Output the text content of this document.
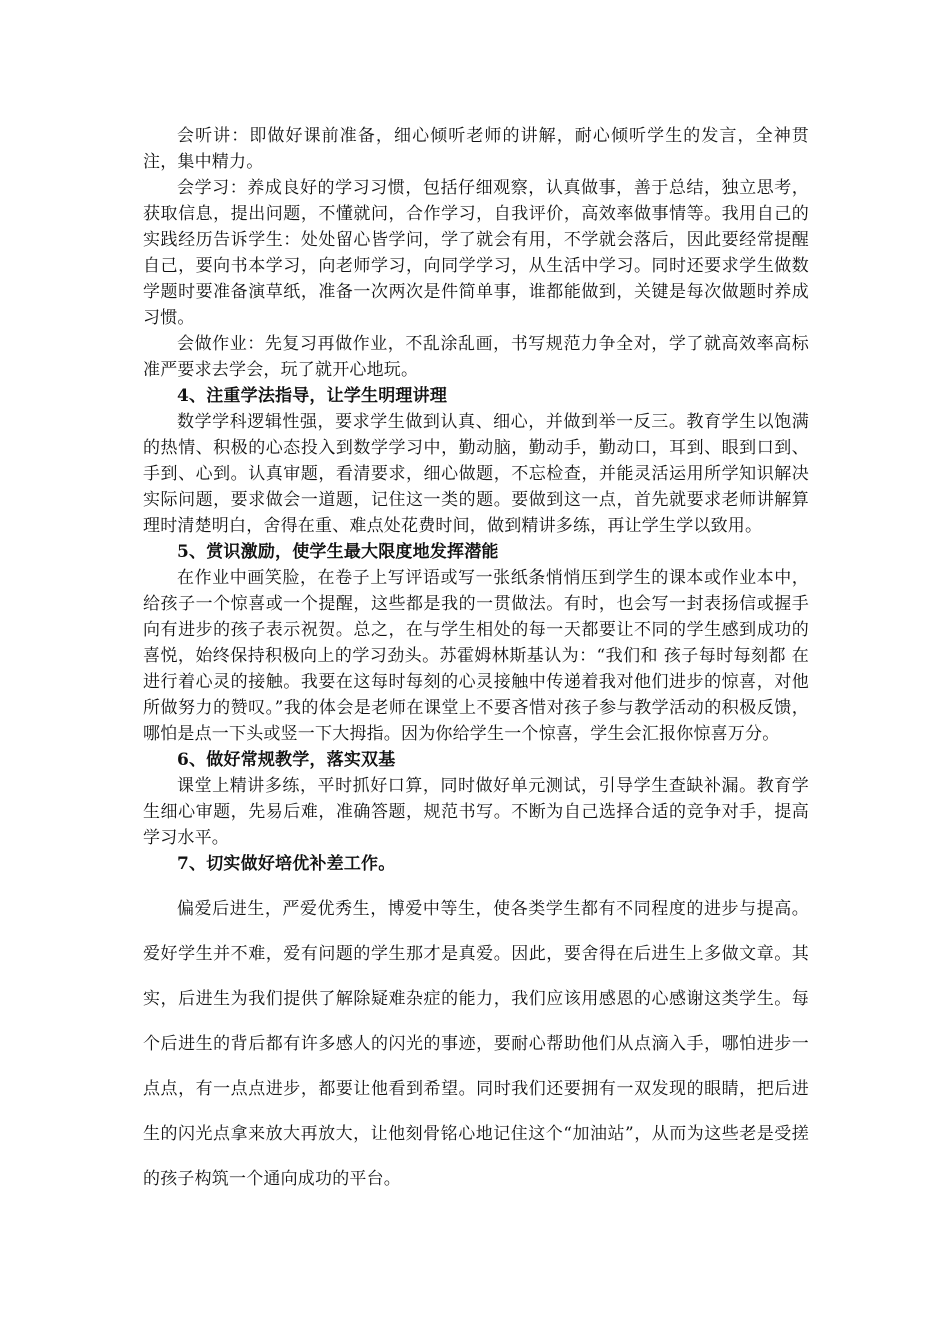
会听讲：即做好课前准备，细心倾听老师的讲解，耐心倾听学生的发言，全神贯注，集中精力。

会学习：养成良好的学习习惯，包括仔细观察，认真做事，善于总结，独立思考，获取信息，提出问题，不懂就问，合作学习，自我评价，高效率做事情等。我用自己的实践经历告诉学生：处处留心皆学问，学了就会有用，不学就会落后，因此要经常提醒自己，要向书本学习，向老师学习，向同学学习，从生活中学习。同时还要求学生做数学题时要准备演草纸，准备一次两次是件简单事，谁都能做到，关键是每次做题时养成习惯。

会做作业：先复习再做作业，不乱涂乱画，书写规范力争全对，学了就高效率高标准严要求去学会，玩了就开心地玩。

4、注重学法指导，让学生明理讲理

数学学科逻辑性强，要求学生做到认真、细心，并做到举一反三。教育学生以饱满的热情、积极的心态投入到数学学习中，勤动脑，勤动手，勤动口，耳到、眼到口到、手到、心到。认真审题，看清要求，细心做题，不忘检查，并能灵活运用所学知识解决实际问题，要求做会一道题，记住这一类的题。要做到这一点，首先就要求老师讲解算理时清楚明白，舍得在重、难点处花费时间，做到精讲多练，再让学生学以致用。

5、赏识激励，使学生最大限度地发挥潜能

在作业中画笑脸，在卷子上写评语或写一张纸条悄悄压到学生的课本或作业本中，给孩子一个惊喜或一个提醒，这些都是我的一贯做法。有时，也会写一封表扬信或握手向有进步的孩子表示祝贺。总之，在与学生相处的每一天都要让不同的学生感到成功的喜悦，始终保持积极向上的学习劲头。苏霍姆林斯基认为：“我们和 孩子每时每刻都 在进行着心灵的接触。我要在这每时每刻的心灵接触中传递着我对他们进步的惊喜，对他所做努力的赞叹。”我的体会是老师在课堂上不要吝惜对孩子参与教学活动的积极反馈，哪怕是点一下头或竖一下大拇指。因为你给学生一个惊喜，学生会汇报你惊喜万分。

6、做好常规教学，落实双基

课堂上精讲多练，平时抓好口算，同时做好单元测试，引导学生查缺补漏。教育学生细心审题，先易后难，准确答题，规范书写。不断为自己选择合适的竞争对手，提高学习水平。

7、切实做好培优补差工作。

偏爱后进生，严爱优秀生，博爱中等生，使各类学生都有不同程度的进步与提高。爱好学生并不难，爱有问题的学生那才是真爱。因此，要舍得在后进生上多做文章。其实，后进生为我们提供了解除疑难杂症的能力，我们应该用感恩的心感谢这类学生。每个后进生的背后都有许多感人的闪光的事迹，要耐心帮助他们从点滴入手，哪怕进步一点点，有一点点进步，都要让他看到希望。同时我们还要拥有一双发现的眼睛，把后进生的闪光点拿来放大再放大，让他刻骨铭心地记住这个“加油站”，从而为这些老是受搓的孩子构筑一个通向成功的平台。
